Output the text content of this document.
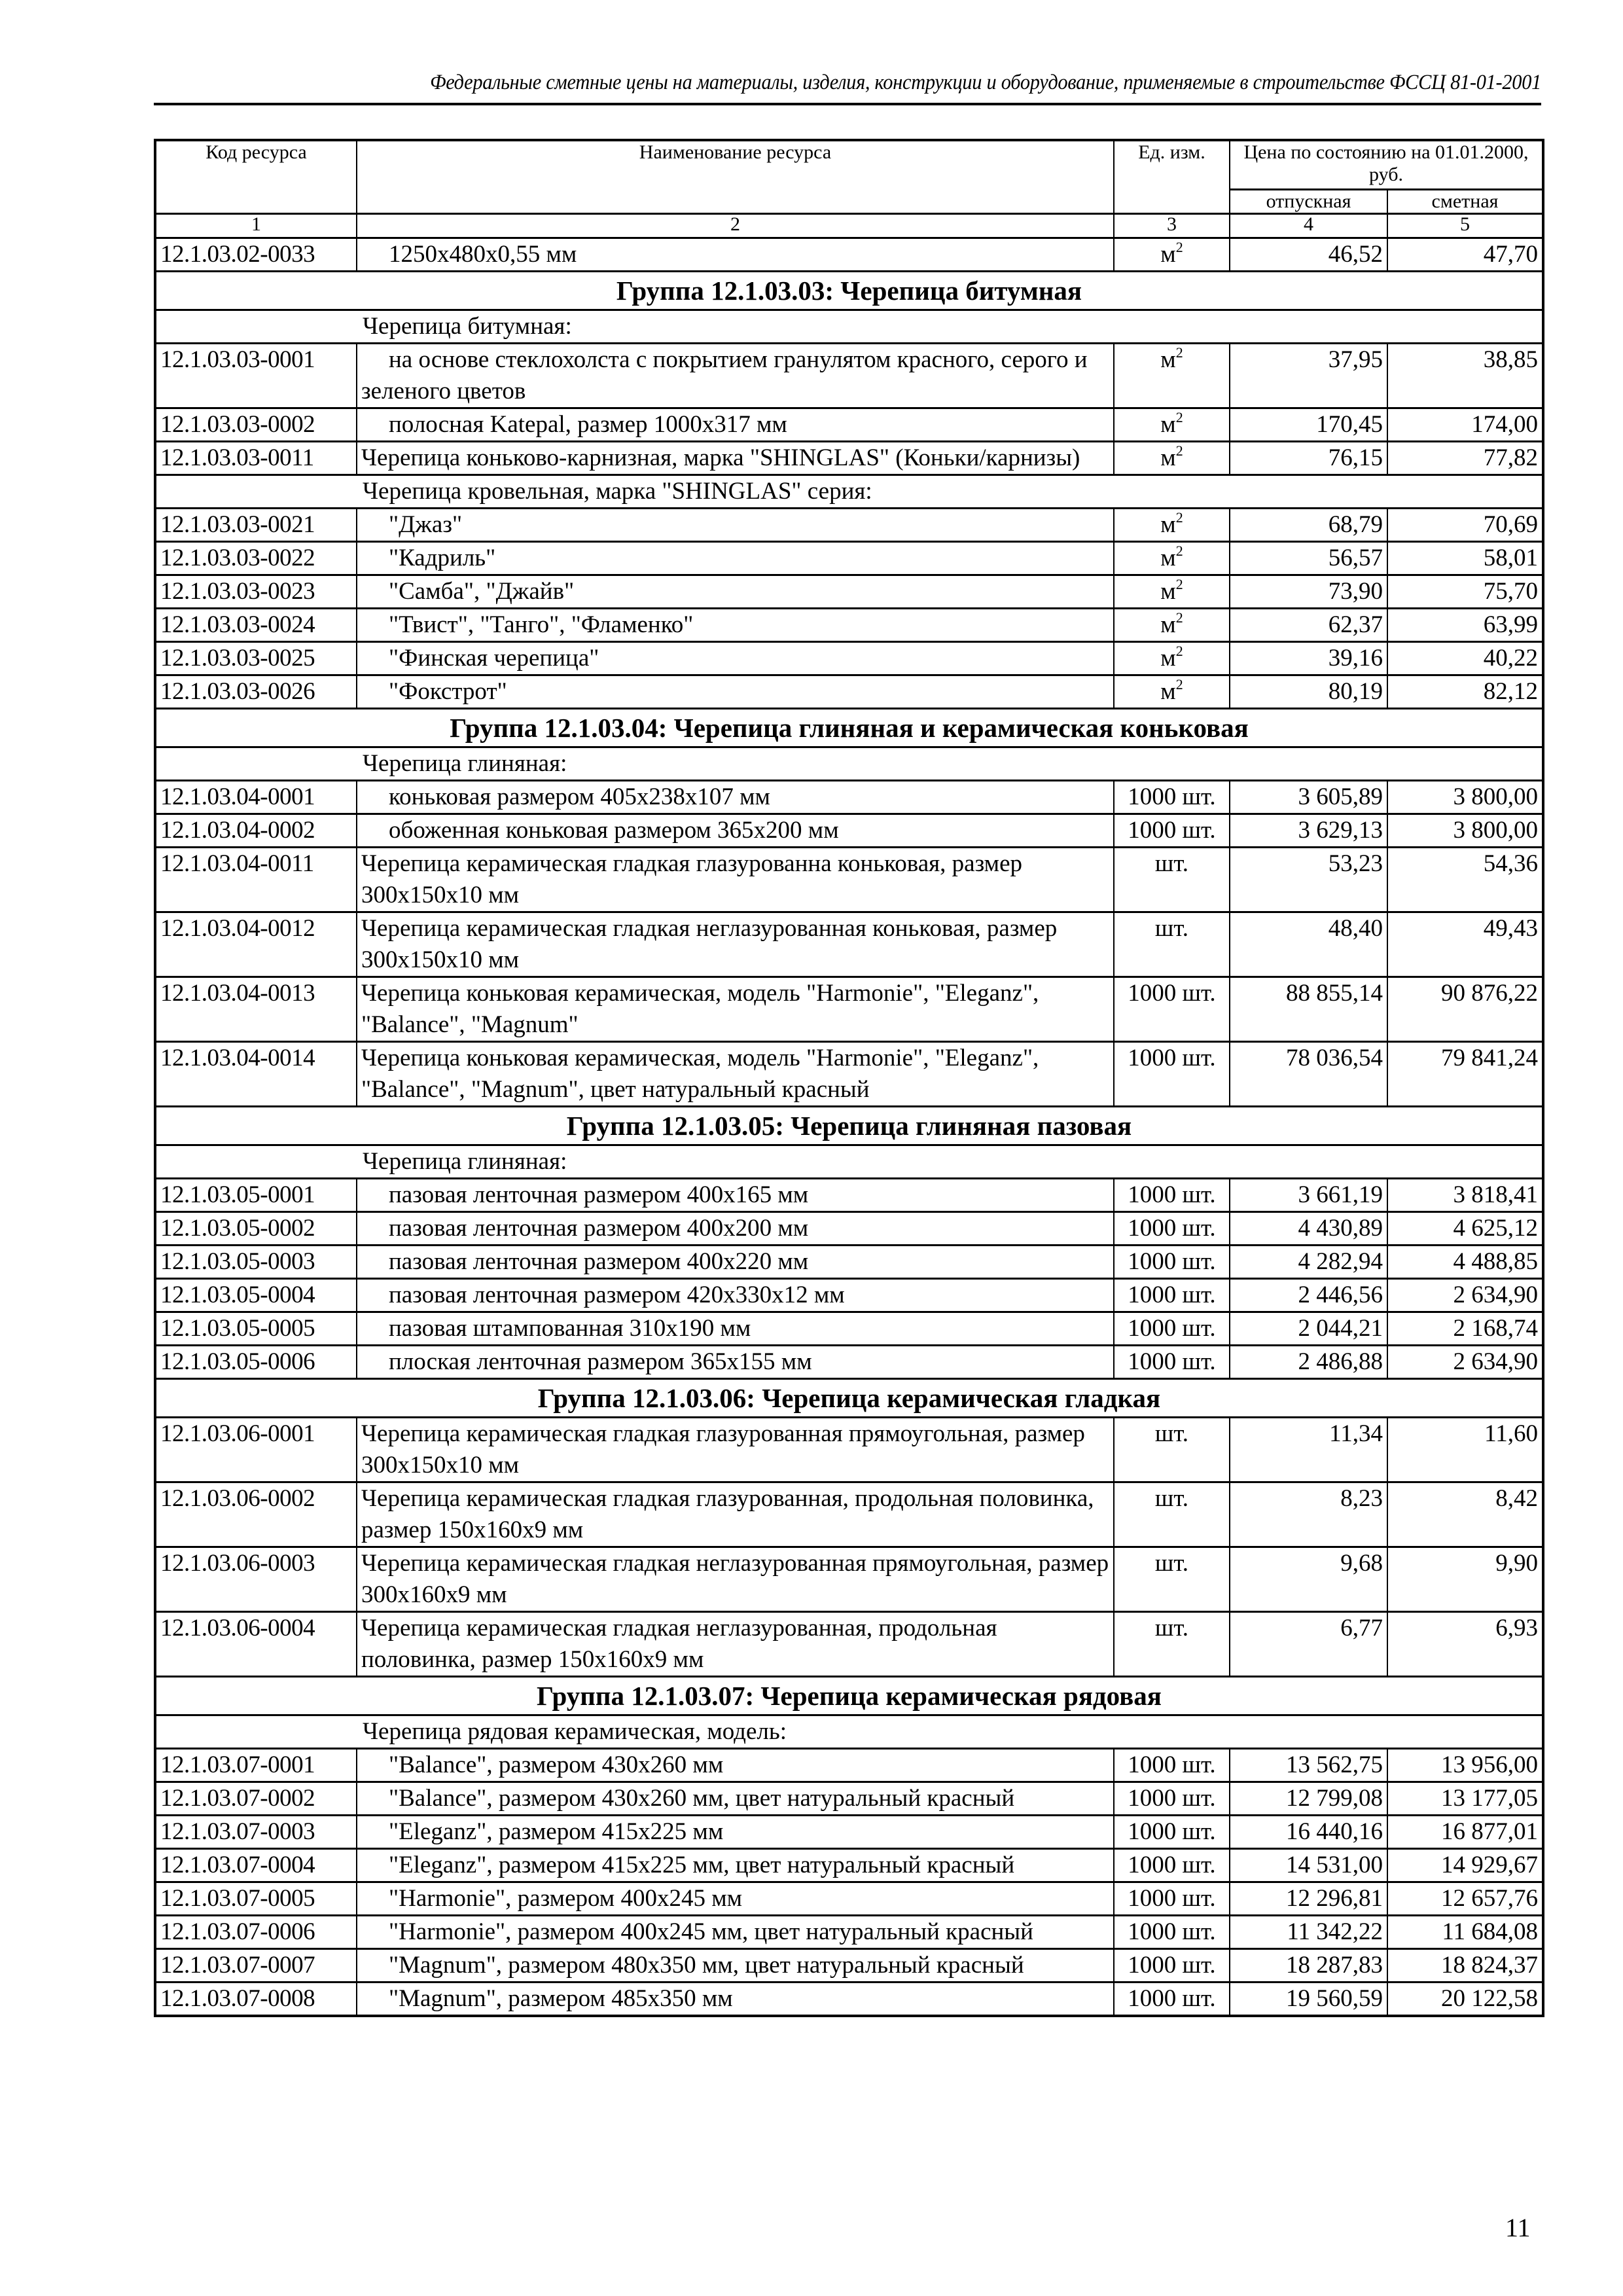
Федеральные сметные цены на материалы, изделия, конструкции и оборудование, применяемые в строительстве ФССЦ 81-01-2001
Код ресурса	Наименование ресурса	Ед. изм.	Цена по состоянию на 01.01.2000, руб.	
			отпускная	сметная
1	2	3	4	5
12.1.03.02-0033	1250x480x0,55 мм	$м^2$	46,52	47,70
Группа 12.1.03.03: Черепица битумная				
Черепица битумная:				
12.1.03.03-0001	на основе стеклохолста с покрытием гранулятом красного, серого и зеленого цветов	$м^2$	37,95	38,85
12.1.03.03-0002	полосная Katepal, размер 1000x317 мм	$м^2$	170,45	174,00
12.1.03.03-0011	Черепица коньково-карнизная, марка "SHINGLAS" (Коньки/карнизы)	$м^2$	76,15	77,82
Черепица кровельная, марка "SHINGLAS" серия:				
12.1.03.03-0021	"Джаз"	$м^2$	68,79	70,69
12.1.03.03-0022	"Кадриль"	$м^2$	56,57	58,01
12.1.03.03-0023	"Самба", "Джайв"	$м^2$	73,90	75,70
12.1.03.03-0024	"Твист", "Танго", "Фламенко"	$м^2$	62,37	63,99
12.1.03.03-0025	"Финская черепица"	$м^2$	39,16	40,22
12.1.03.03-0026	"Фокстрот"	$м^2$	80,19	82,12
Группа 12.1.03.04: Черепица глиняная и керамическая коньковая				
Черепица глиняная:				
12.1.03.04-0001	коньковая размером 405x238x107 мм	1000 шт.	3 605,89	3 800,00
12.1.03.04-0002	обоженная коньковая размером 365x200 мм	1000 шт.	3 629,13	3 800,00
12.1.03.04-0011	Черепица керамическая гладкая глазурованна коньковая, размер 300x150x10 мм	шт.	53,23	54,36
12.1.03.04-0012	Черепица керамическая гладкая неглазурованная коньковая, размер 300x150x10 мм	шт.	48,40	49,43
12.1.03.04-0013	Черепица коньковая керамическая, модель "Harmonie", "Eleganz", "Balance", "Magnum"	1000 шт.	88 855,14	90 876,22
12.1.03.04-0014	Черепица коньковая керамическая, модель "Harmonie", "Eleganz", "Balance", "Magnum", цвет натуральный красный	1000 шт.	78 036,54	79 841,24
Группа 12.1.03.05: Черепица глиняная пазовая				
Черепица глиняная:				
12.1.03.05-0001	пазовая ленточная размером 400x165 мм	1000 шт.	3 661,19	3 818,41
12.1.03.05-0002	пазовая ленточная размером 400x200 мм	1000 шт.	4 430,89	4 625,12
12.1.03.05-0003	пазовая ленточная размером 400x220 мм	1000 шт.	4 282,94	4 488,85
12.1.03.05-0004	пазовая ленточная размером 420x330x12 мм	1000 шт.	2 446,56	2 634,90
12.1.03.05-0005	пазовая штампованная 310x190 мм	1000 шт.	2 044,21	2 168,74
12.1.03.05-0006	плоская ленточная размером 365x155 мм	1000 шт.	2 486,88	2 634,90
Группа 12.1.03.06: Черепица керамическая гладкая				
12.1.03.06-0001	Черепица керамическая гладкая глазурованная прямоугольная, размер 300x150x10 мм	шт.	11,34	11,60
12.1.03.06-0002	Черепица керамическая гладкая глазурованная, продольная половинка, размер 150x160x9 мм	шт.	8,23	8,42
12.1.03.06-0003	Черепица керамическая гладкая неглазурованная прямоугольная, размер 300x160x9 мм	шт.	9,68	9,90
12.1.03.06-0004	Черепица керамическая гладкая неглазурованная, продольная половинка, размер 150x160x9 мм	шт.	6,77	6,93
Группа 12.1.03.07: Черепица керамическая рядовая				
Черепица рядовая керамическая, модель:				
12.1.03.07-0001	"Balance", размером 430x260 мм	1000 шт.	13 562,75	13 956,00
12.1.03.07-0002	"Balance", размером 430x260 мм, цвет натуральный красный	1000 шт.	12 799,08	13 177,05
12.1.03.07-0003	"Eleganz", размером 415x225 мм	1000 шт.	16 440,16	16 877,01
12.1.03.07-0004	"Eleganz", размером 415x225 мм, цвет натуральный красный	1000 шт.	14 531,00	14 929,67
12.1.03.07-0005	"Harmonie", размером 400x245 мм	1000 шт.	12 296,81	12 657,76
12.1.03.07-0006	"Harmonie", размером 400x245 мм, цвет натуральный красный	1000 шт.	11 342,22	11 684,08
12.1.03.07-0007	"Magnum", размером 480x350 мм, цвет натуральный красный	1000 шт.	18 287,83	18 824,37
12.1.03.07-0008	"Magnum", размером 485x350 мм	1000 шт.	19 560,59	20 122,58
11
